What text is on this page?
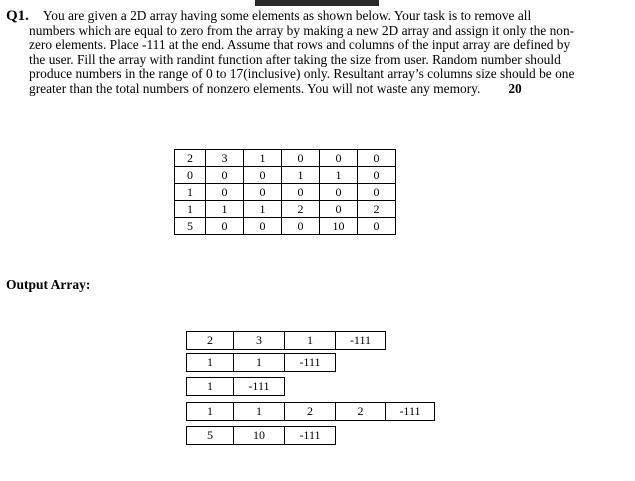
Q1. You are given a 2D array having some elements as shown below. Your task is to remove all
numbers which are equal to zero from the array by making a new 2D array and assign it only the non-
zero elements. Place -111 at the end. Assume that rows and columns of the input array are defined by
the user. Fill the array with randint function after taking the size from user. Random number should
produce numbers in the range of 0 to 17(inclusive) only. Resultant array’s columns size should be one
greater than the total numbers of nonzero elements. You will not waste any memory. 20
2	3	1	0	0	0
0	0	0	1	1	0
1	0	0	0	0	0
1	1	1	2	0	2
5	0	0	0	10	0
Output Array:
2	3	1	-111
1	1	-111
1	-111
1	1	2	2	-111
5	10	-111
